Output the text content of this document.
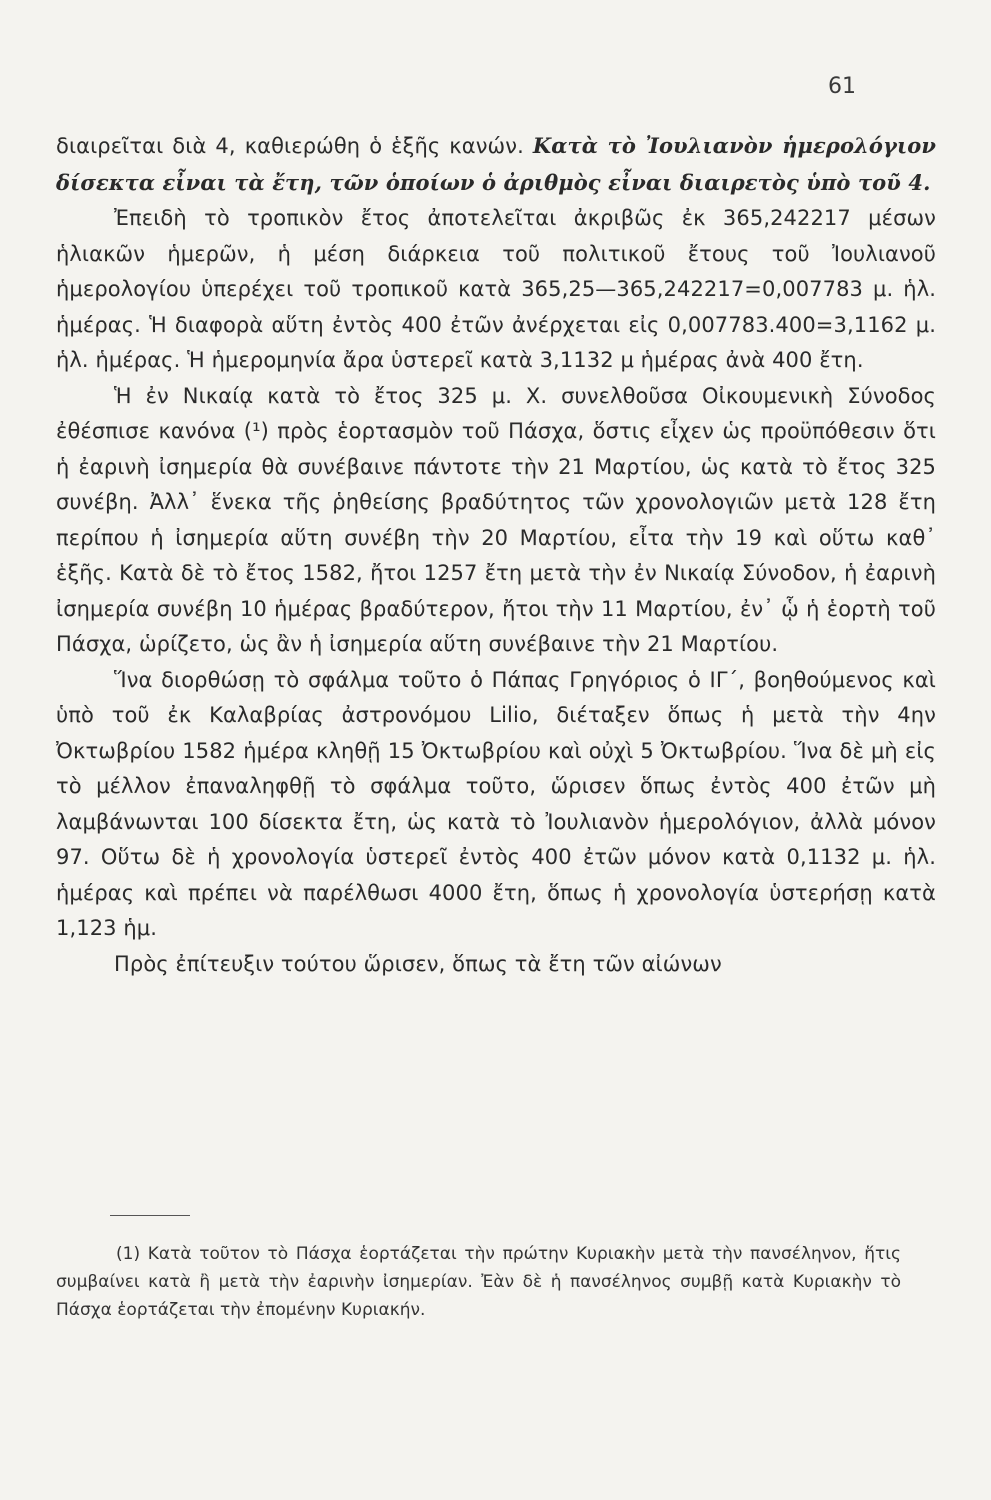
61

διαιρεῖται διὰ 4, καθιερώθη ὁ ἑξῆς κανών. Κατὰ τὸ Ἰουλιανὸν ἡμερολόγιον δίσεκτα εἶναι τὰ ἔτη, τῶν ὁποίων ὁ ἀριθμὸς εἶναι διαιρετὸς ὑπὸ τοῦ 4.

Ἐπειδὴ τὸ τροπικὸν ἔτος ἀποτελεῖται ἀκριβῶς ἐκ 365,242217 μέσων ἡλιακῶν ἡμερῶν, ἡ μέση διάρκεια τοῦ πολιτικοῦ ἔτους τοῦ Ἰουλιανοῦ ἡμερολογίου ὑπερέχει τοῦ τροπικοῦ κατὰ 365,25—365,242217=0,007783 μ. ἡλ. ἡμέρας. Ἡ διαφορὰ αὕτη ἐντὸς 400 ἐτῶν ἀνέρχεται εἰς 0,007783.400=3,1162 μ. ἡλ. ἡμέρας. Ἡ ἡμερομηνία ἄρα ὑστερεῖ κατὰ 3,1132 μ ἡμέρας ἀνὰ 400 ἔτη.

Ἡ ἐν Νικαίᾳ κατὰ τὸ ἔτος 325 μ. Χ. συνελθοῦσα Οἰκουμενικὴ Σύνοδος ἐθέσπισε κανόνα (¹) πρὸς ἑορτασμὸν τοῦ Πάσχα, ὅστις εἶχεν ὡς προϋπόθεσιν ὅτι ἡ ἐαρινὴ ἰσημερία θὰ συνέβαινε πάντοτε τὴν 21 Μαρτίου, ὡς κατὰ τὸ ἔτος 325 συνέβη. Ἀλλ᾽ ἕνεκα τῆς ῥηθείσης βραδύτητος τῶν χρονολογιῶν μετὰ 128 ἔτη περίπου ἡ ἰσημερία αὕτη συνέβη τὴν 20 Μαρτίου, εἶτα τὴν 19 καὶ οὕτω καθ᾽ ἑξῆς. Κατὰ δὲ τὸ ἔτος 1582, ἤτοι 1257 ἔτη μετὰ τὴν ἐν Νικαίᾳ Σύνοδον, ἡ ἐαρινὴ ἰσημερία συνέβη 10 ἡμέρας βραδύτερον, ἤτοι τὴν 11 Μαρτίου, ἐν᾽ ᾧ ἡ ἑορτὴ τοῦ Πάσχα, ὡρίζετο, ὡς ἂν ἡ ἰσημερία αὕτη συνέβαινε τὴν 21 Μαρτίου.

Ἵνα διορθώσῃ τὸ σφάλμα τοῦτο ὁ Πάπας Γρηγόριος ὁ ΙΓ´, βοηθούμενος καὶ ὑπὸ τοῦ ἐκ Καλαβρίας ἀστρονόμου Lilio, διέταξεν ὅπως ἡ μετὰ τὴν 4ην Ὀκτωβρίου 1582 ἡμέρα κληθῇ 15 Ὀκτωβρίου καὶ οὐχὶ 5 Ὀκτωβρίου. Ἵνα δὲ μὴ εἰς τὸ μέλλον ἐπαναληφθῇ τὸ σφάλμα τοῦτο, ὥρισεν ὅπως ἐντὸς 400 ἐτῶν μὴ λαμβάνωνται 100 δίσεκτα ἔτη, ὡς κατὰ τὸ Ἰουλιανὸν ἡμερολόγιον, ἀλλὰ μόνον 97. Οὕτω δὲ ἡ χρονολογία ὑστερεῖ ἐντὸς 400 ἐτῶν μόνον κατὰ 0,1132 μ. ἡλ. ἡμέρας καὶ πρέπει νὰ παρέλθωσι 4000 ἔτη, ὅπως ἡ χρονολογία ὑστερήσῃ κατὰ 1,123 ἡμ.

Πρὸς ἐπίτευξιν τούτου ὥρισεν, ὅπως τὰ ἔτη τῶν αἰώνων

(1) Κατὰ τοῦτον τὸ Πάσχα ἑορτάζεται τὴν πρώτην Κυριακὴν μετὰ τὴν πανσέληνον, ἥτις συμβαίνει κατὰ ἢ μετὰ τὴν ἐαρινὴν ἰσημερίαν. Ἐὰν δὲ ἡ πανσέληνος συμβῇ κατὰ Κυριακὴν τὸ Πάσχα ἑορτάζεται τὴν ἐπομένην Κυριακήν.
